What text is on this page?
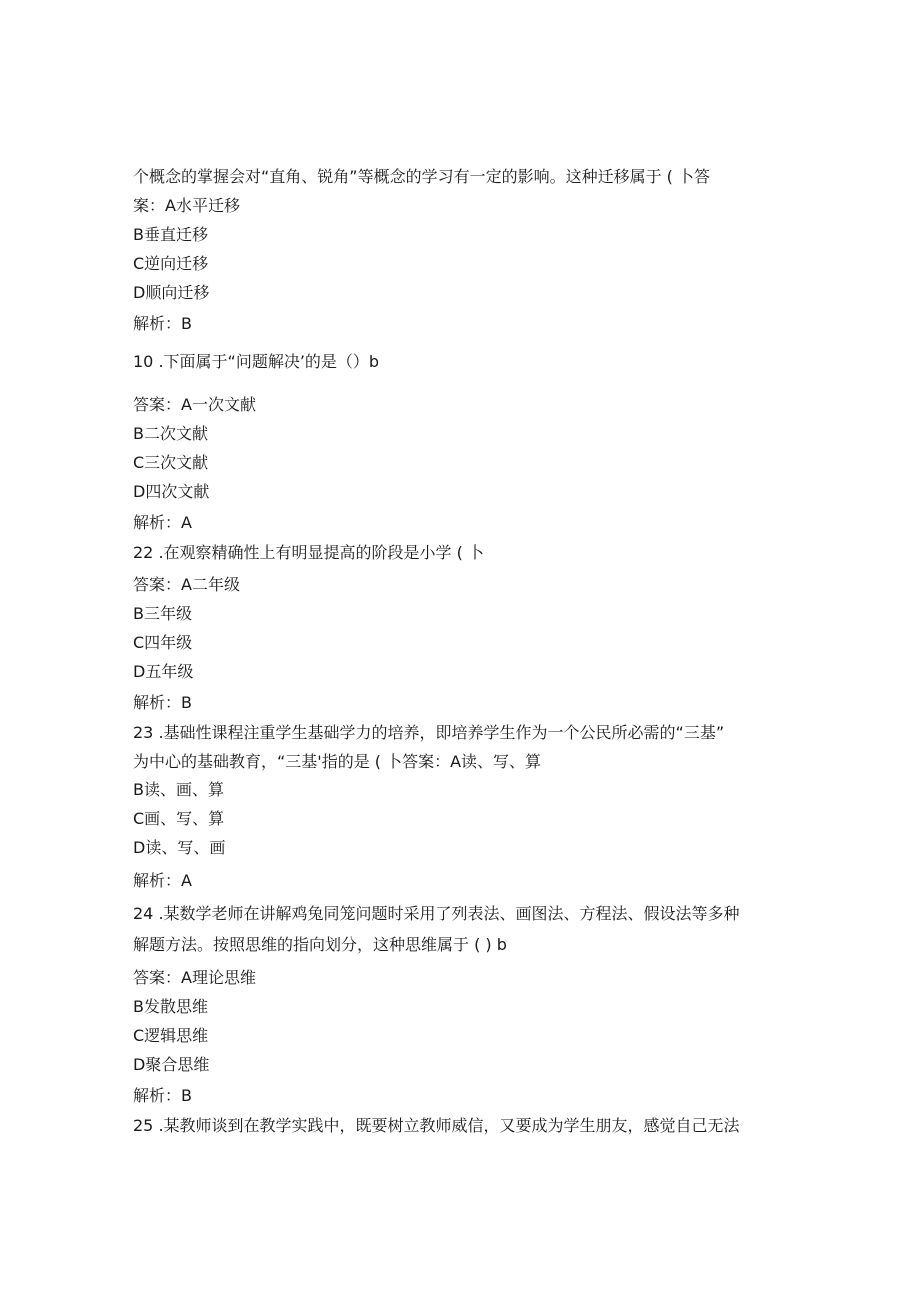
个概念的掌握会对“直角、锐角”等概念的学习有一定的影响。这种迁移属于 ( 卜答
案：A水平迁移
B垂直迁移
C逆向迁移
D顺向迁移
解析：B
10 .下面属于“问题解决’的是（）b
答案：A一次文献
B二次文献
C三次文献
D四次文献
解析：A
22 .在观察精确性上有明显提高的阶段是小学 ( 卜
答案：A二年级
B三年级
C四年级
D五年级
解析：B
23 .基础性课程注重学生基础学力的培养，即培养学生作为一个公民所必需的“三基”
为中心的基础教育，“三基'指的是 ( 卜答案：A读、写、算
B读、画、算
C画、写、算
D读、写、画
解析：A
24 .某数学老师在讲解鸡兔同笼问题时采用了列表法、画图法、方程法、假设法等多种
解题方法。按照思维的指向划分，这种思维属于 ( ) b
答案：A理论思维
B发散思维
C逻辑思维
D聚合思维
解析：B
25 .某教师谈到在教学实践中，既要树立教师威信，又要成为学生朋友，感觉自己无法
